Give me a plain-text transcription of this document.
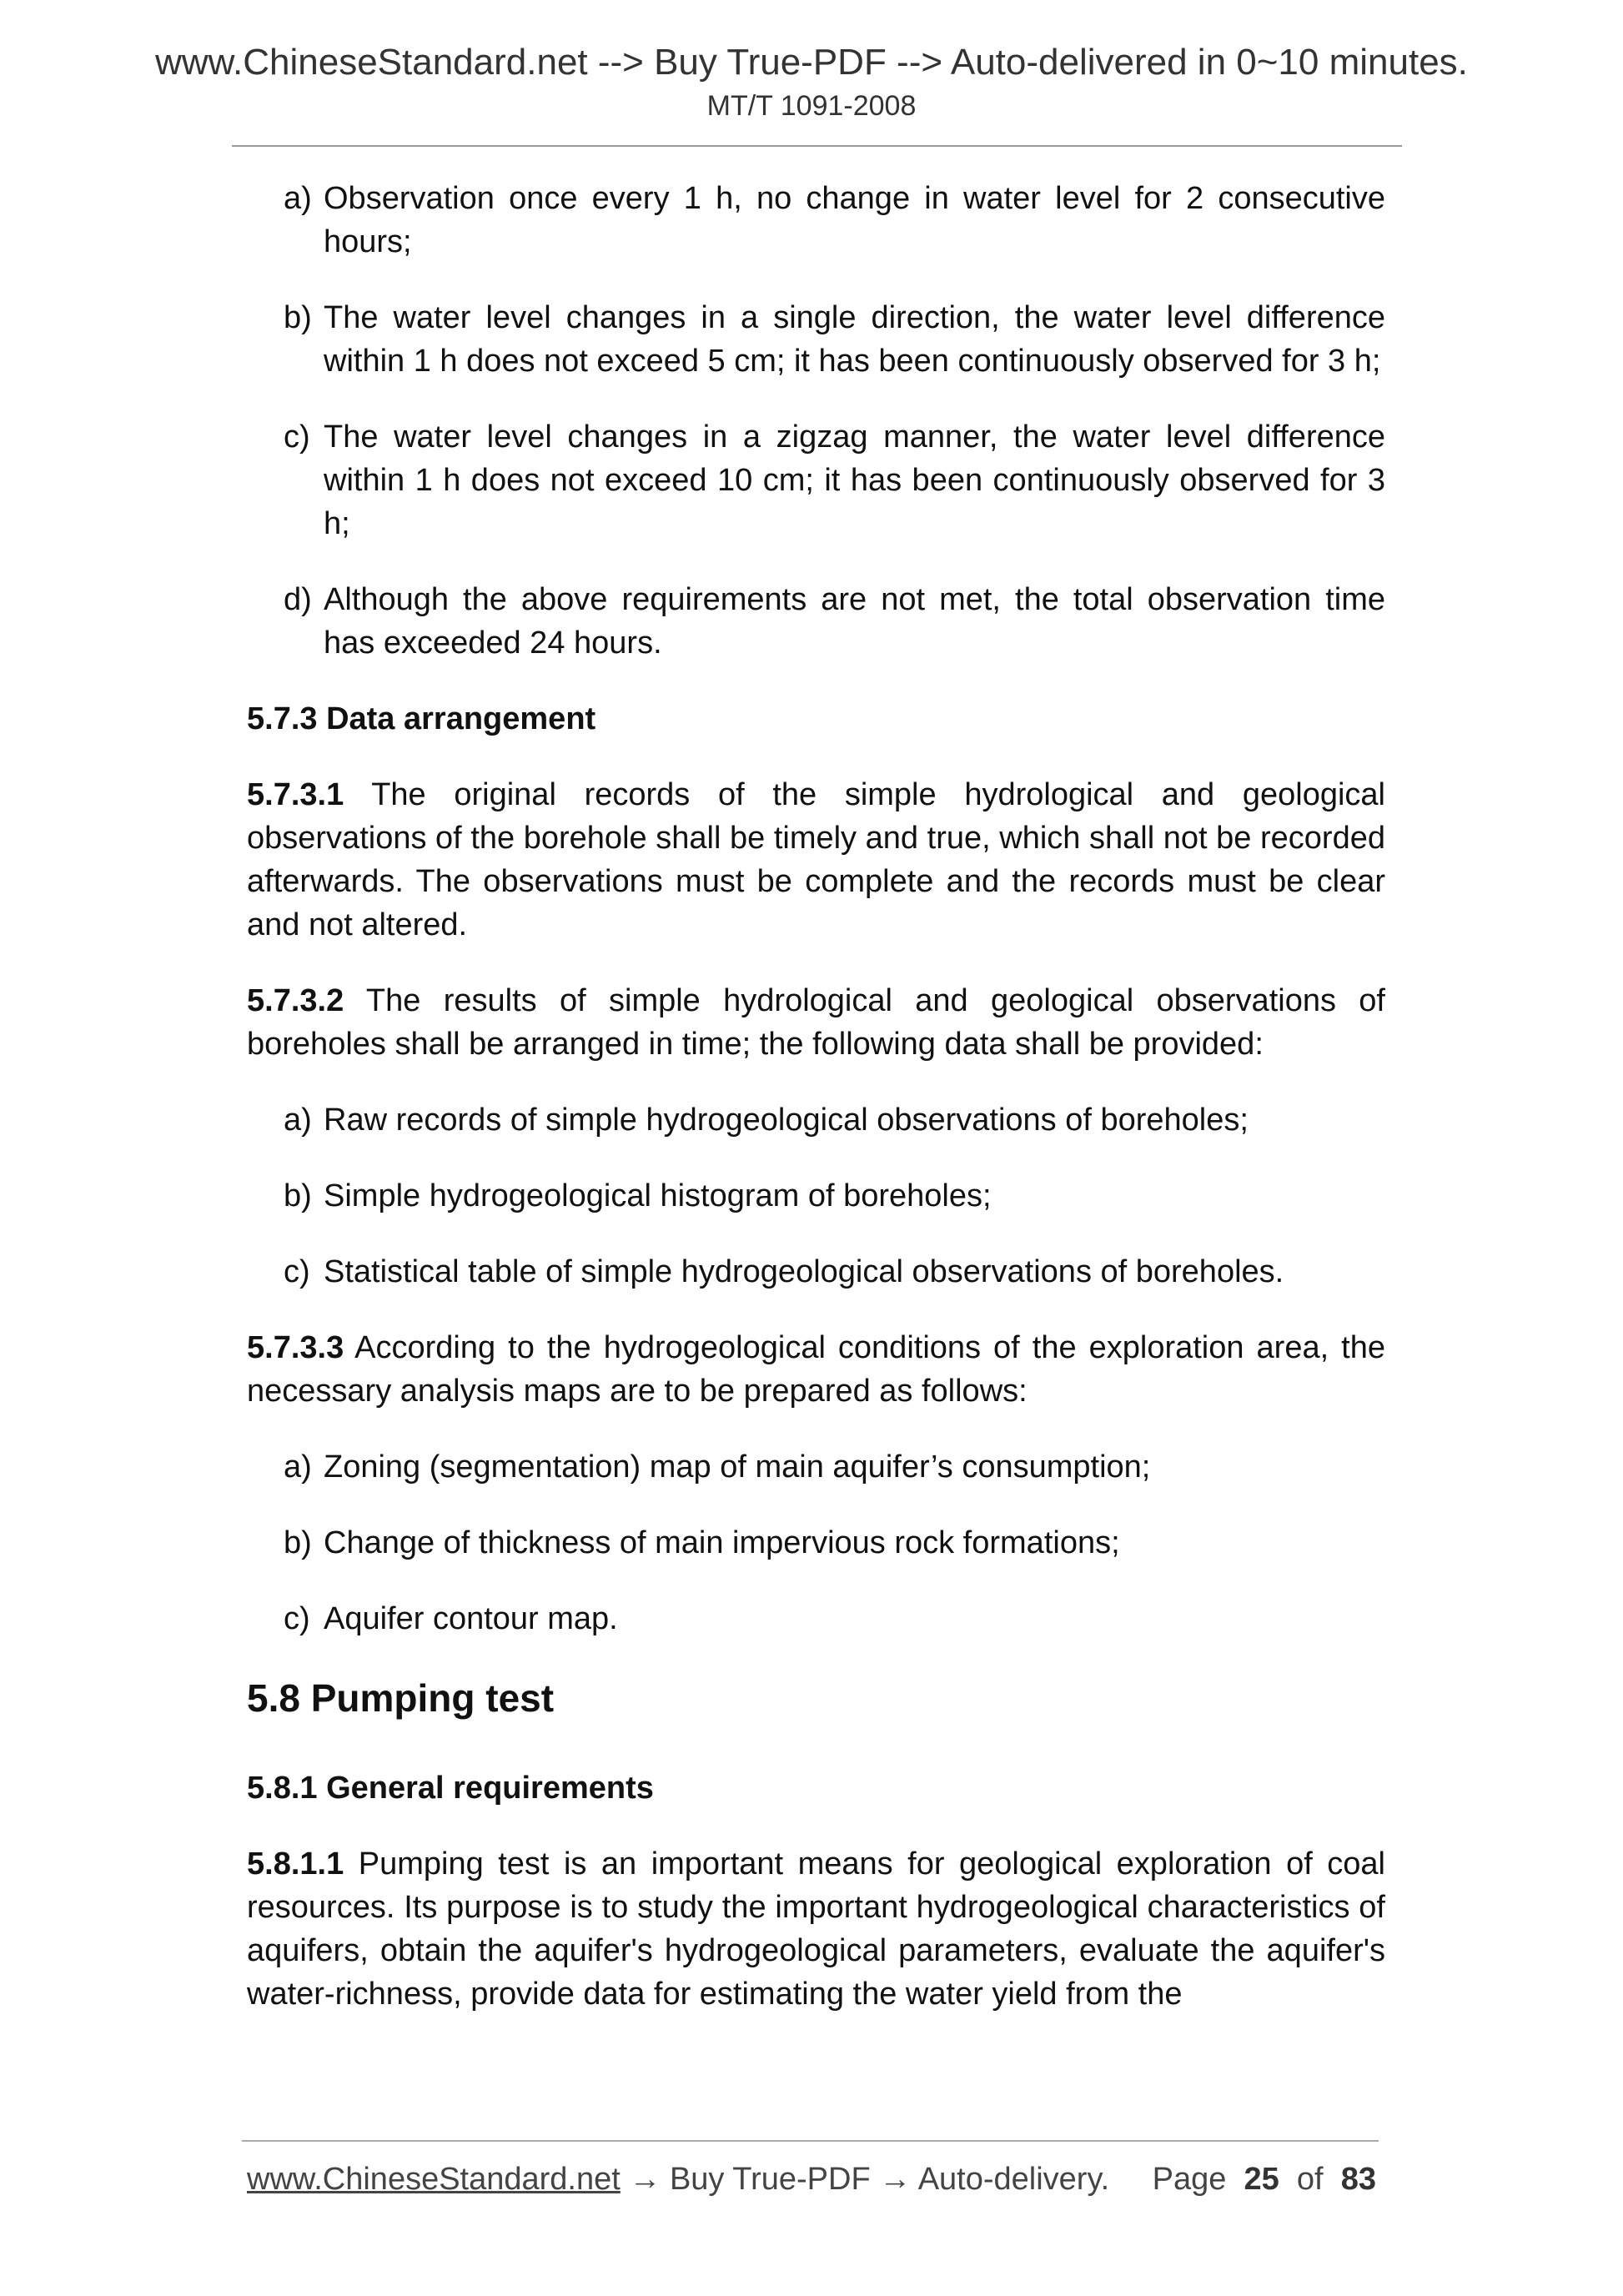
www.ChineseStandard.net --> Buy True-PDF --> Auto-delivered in 0~10 minutes.
MT/T 1091-2008
a) Observation once every 1 h, no change in water level for 2 consecutive hours;
b) The water level changes in a single direction, the water level difference within 1 h does not exceed 5 cm; it has been continuously observed for 3 h;
c) The water level changes in a zigzag manner, the water level difference within 1 h does not exceed 10 cm; it has been continuously observed for 3 h;
d) Although the above requirements are not met, the total observation time has exceeded 24 hours.
5.7.3 Data arrangement

5.7.3.1 The original records of the simple hydrological and geological observations of the borehole shall be timely and true, which shall not be recorded afterwards. The observations must be complete and the records must be clear and not altered.

5.7.3.2 The results of simple hydrological and geological observations of boreholes shall be arranged in time; the following data shall be provided:

a) Raw records of simple hydrogeological observations of boreholes;
b) Simple hydrogeological histogram of boreholes;
c) Statistical table of simple hydrogeological observations of boreholes.

5.7.3.3 According to the hydrogeological conditions of the exploration area, the necessary analysis maps are to be prepared as follows:

a) Zoning (segmentation) map of main aquifer’s consumption;
b) Change of thickness of main impervious rock formations;
c) Aquifer contour map.
5.8 Pumping test
5.8.1 General requirements

5.8.1.1 Pumping test is an important means for geological exploration of coal resources. Its purpose is to study the important hydrogeological characteristics of aquifers, obtain the aquifer's hydrogeological parameters, evaluate the aquifer's water-richness, provide data for estimating the water yield from the

www.ChineseStandard.net → Buy True-PDF → Auto-delivery. Page 25 of 83
